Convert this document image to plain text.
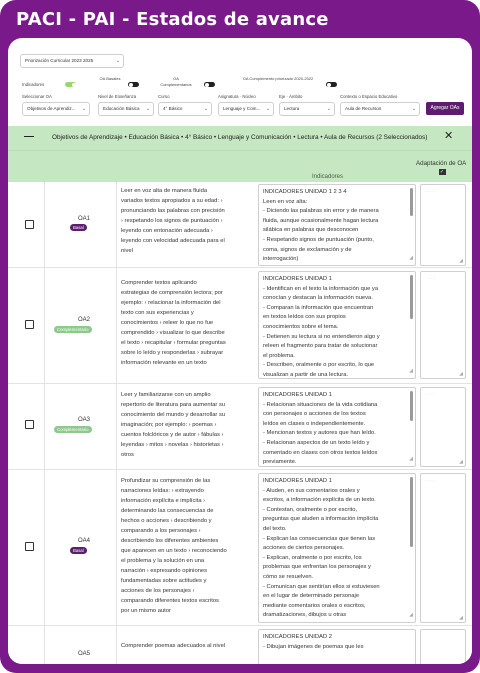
PACI - PAI - Estados de avance
Priorización Curricular 2023 2025	⌄
Indicadores
OA Basales	OA Complementarios
OA Complemento priorizado 2020-2022
Seleccionar OA	Nivel de Enseñanza	Curso	Asignatura · Núcleo	Eje · Ámbito	Contexto o Espacio Educativo
Objetivos de Aprendiz... ⌄	Educación Básica ⌄	4° Básico	⌄	Lenguaje y Com... ⌄	Lectura	⌄	Aula de Recursos	⌄	Agregar OAs
—	Objetivos de Aprendizaje • Educación Básica • 4° Básico • Lenguaje y Comunicación • Lectura • Aula de Recursos (2 Seleccionados) ✕
Indicadores
Adaptación de OA ✓
OA1
Basal
Leer en voz alta de manera fluida
variados textos apropiados a su edad: ›
pronunciando las palabras con precisión
› respetando los signos de puntuación ›
leyendo con entonación adecuada ›
leyendo con velocidad adecuada para el
nivel
INDICADORES UNIDAD 1 2 3 4
Leen en voz alta:
- Diciendo las palabras sin error y de manera
fluida, aunque ocasionalmente hagan lectura
silábica en palabras que desconocen
- Respetando signos de puntuación (punto,
coma, signos de exclamación y de
interrogación)	◢
· · ·
◢
OA2
Complementario
Comprender textos aplicando
estrategias de comprensión lectora; por
ejemplo: › relacionar la información del
texto con sus experiencias y
conocimientos › releer lo que no fue
comprendido › visualizar lo que describe
el texto › recapitular › formular preguntas
sobre lo leído y responderlas › subrayar
información relevante en un texto
INDICADORES UNIDAD 1
- Identifican en el texto la información que ya
conocían y destacan la información nueva.
- Comparan la información que encuentran
en textos leídos con sus propios
conocimientos sobre el tema.
- Detienen su lectura si no entendieron algo y
releen el fragmento para tratar de solucionar
el problema.
- Describen, oralmente o por escrito, lo que
visualizan a partir de una lectura.
◢
· · ·
◢
OA3
Complementario
Leer y familiarizarse con un amplio
repertorio de literatura para aumentar su
conocimiento del mundo y desarrollar su
imaginación; por ejemplo: › poemas ›
cuentos folclóricos y de autor › fábulas ›
leyendas › mitos › novelas › historietas ›
otros
INDICADORES UNIDAD 1
- Relacionan situaciones de la vida cotidiana
con personajes o acciones de los textos
leídos en clases o independientemente.
- Mencionan textos y autores que han leído.
- Relacionan aspectos de un texto leído y
comentado en clases con otros textos leídos
previamente.	◢
· · ·
◢
OA4
Basal
Profundizar su comprensión de las
narraciones leídas: › extrayendo
información explícita e implícita ›
determinando las consecuencias de
hechos o acciones › describiendo y
comparando a los personajes ›
describiendo los diferentes ambientes
que aparecen en un texto › reconociendo
el problema y la solución en una
narración › expresando opiniones
fundamentadas sobre actitudes y
acciones de los personajes ›
comparando diferentes textos escritos
por un mismo autor
INDICADORES UNIDAD 1
- Aluden, en sus comentarios orales y
escritos, a información explícita de un texto.
- Contestan, oralmente o por escrito,
preguntas que aluden a información implícita
del texto.
- Explican las consecuencias que tienen las
acciones de ciertos personajes.
- Explican, oralmente o por escrito, los
problemas que enfrentan los personajes y
cómo se resuelven.
- Comunican que sentirían ellos si estuviesen
en el lugar de determinado personaje
mediante comentarios orales o escritos,
dramatizaciones, dibujos u otras	◢
· · ·
◢
OA5
Comprender poemas adecuados al nivel
INDICADORES UNIDAD 2
- Dibujan imágenes de poemas que les
